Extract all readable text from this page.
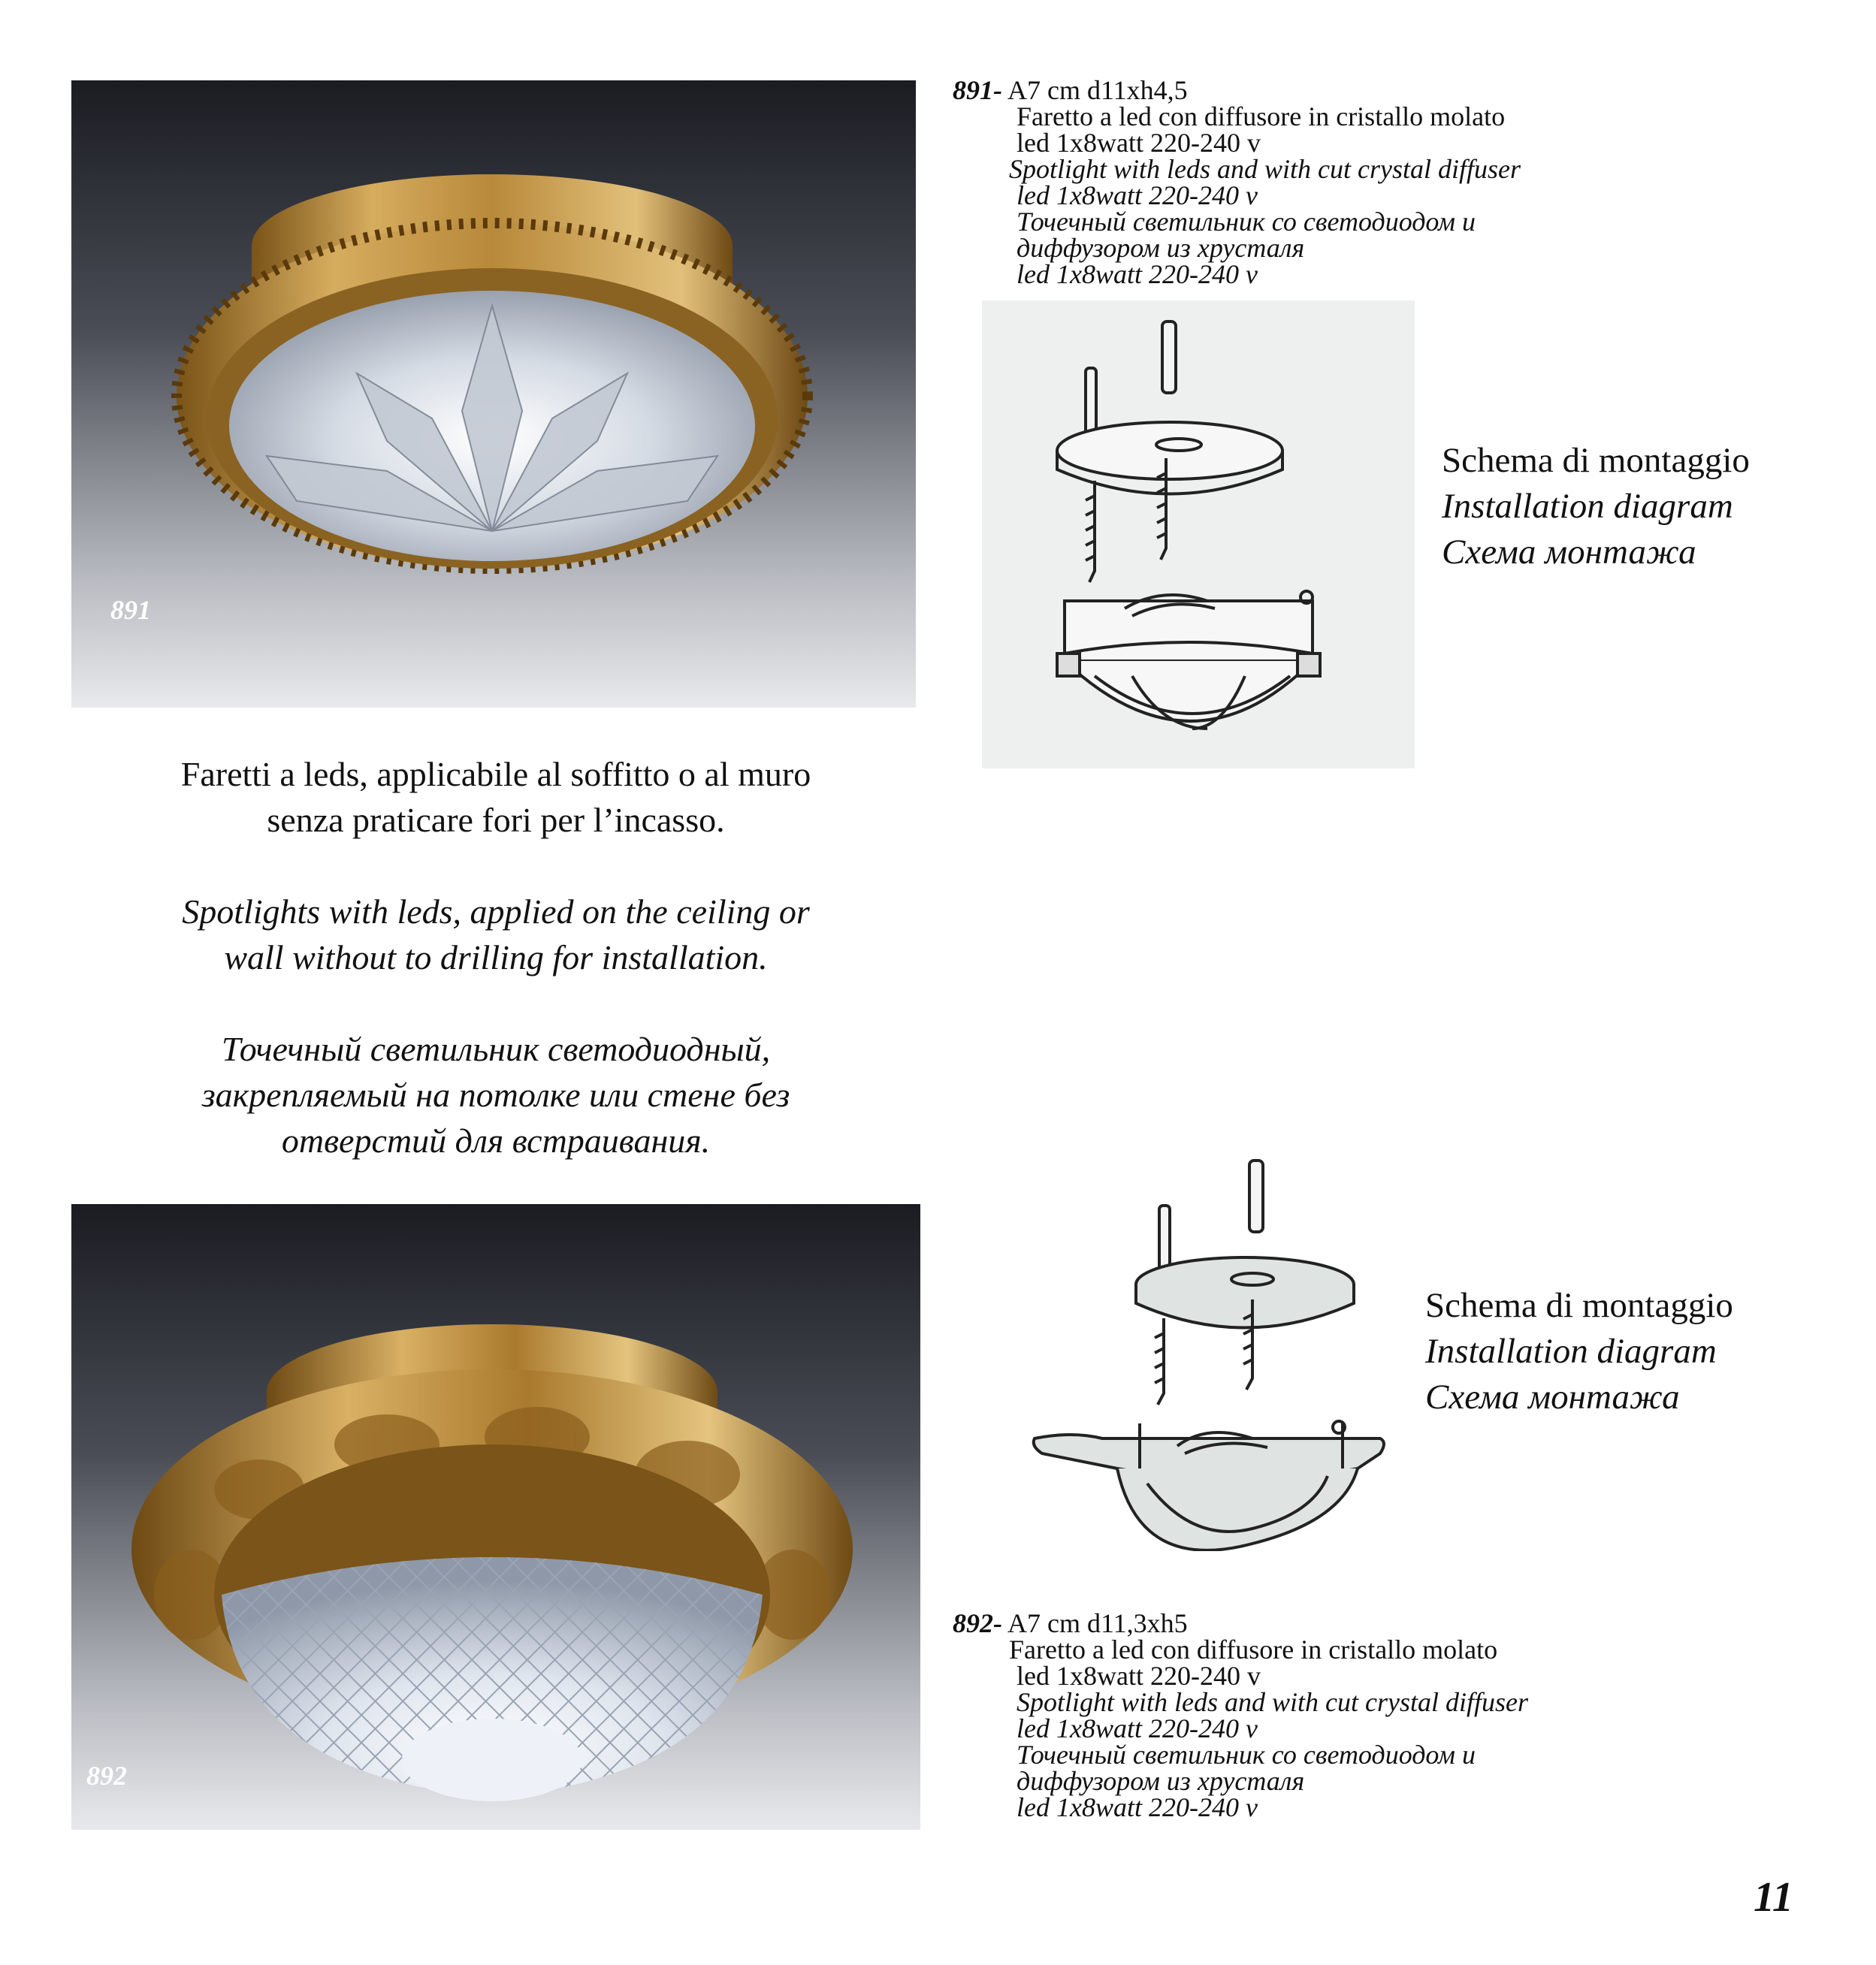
891
891- A7 cm d11xh4,5
Faretto a led con diffusore in cristallo molato
led 1x8watt 220-240 v
Spotlight with leds and with cut crystal diffuser
led 1x8watt 220-240 v
Точечный светильник со светодиодом и
диффузором из хрусталя
led 1x8watt 220-240 v
Schema di montaggio
Installation diagram
Схема монтажа
Faretti a leds, applicabile al soffitto o al muro
senza praticare fori per l’incasso.

Spotlights with leds, applied on the ceiling or
wall without to drilling for installation.

Точечный светильник светодиодный,
закрепляемый на потолке или стене без
отверстий для встраивания.
892
Schema di montaggio
Installation diagram
Схема монтажа
892- A7 cm d11,3xh5
Faretto a led con diffusore in cristallo molato
led 1x8watt 220-240 v
Spotlight with leds and with cut crystal diffuser
led 1x8watt 220-240 v
Точечный светильник со светодиодом и
диффузором из хрусталя
led 1x8watt 220-240 v
11
